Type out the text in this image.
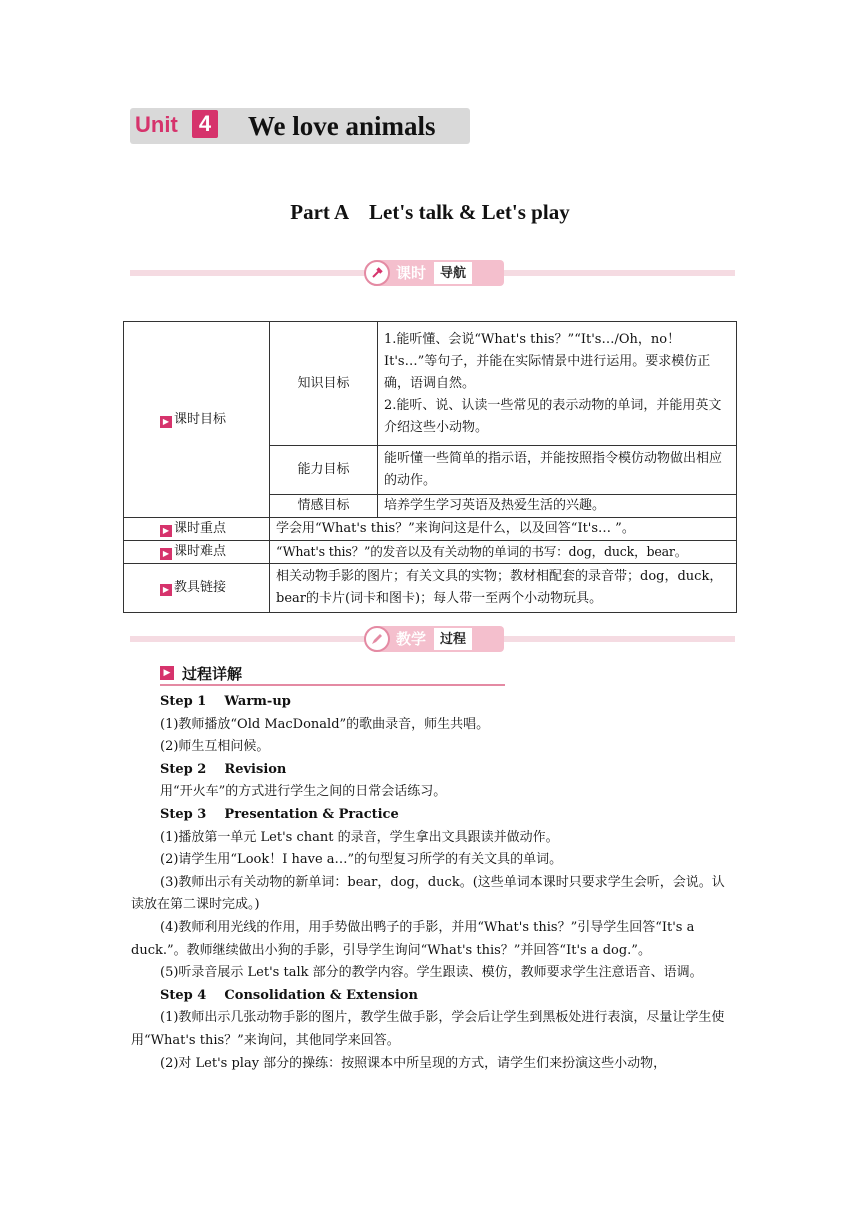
Unit 4 We love animals
Part A    Let's talk & Let's play
课时	导航
▶ 课时目标	知识目标	1.能听懂、会说“What's this？”“It's…/Oh，no！It's…”等句子，并能在实际情景中进行运用。要求模仿正确，语调自然。
2.能听、说、认读一些常见的表示动物的单词，并能用英文介绍这些小动物。

	能力目标	能听懂一些简单的指示语，并能按照指令模仿动物做出相应的动作。
	情感目标	培养学生学习英语及热爱生活的兴趣。
▶ 课时重点	学会用“What's this？”来询问这是什么，以及回答“It's… ”。	
▶ 课时难点	“What's this？”的发音以及有关动物的单词的书写：dog，duck，bear。	
▶ 教具链接	相关动物手影的图片；有关文具的实物；教材相配套的录音带；dog，duck，bear的卡片(词卡和图卡)；每人带一至两个小动物玩具。	
教学	过程
▶ 过程详解

Step 1    Warm-up

(1)教师播放“Old MacDonald”的歌曲录音，师生共唱。

(2)师生互相问候。

Step 2    Revision

用“开火车”的方式进行学生之间的日常会话练习。

Step 3    Presentation & Practice

(1)播放第一单元 Let's chant 的录音，学生拿出文具跟读并做动作。

(2)请学生用“Look！I have a…”的句型复习所学的有关文具的单词。

(3)教师出示有关动物的新单词：bear，dog，duck。(这些单词本课时只要求学生会听，会说。认读放在第二课时完成。)

(4)教师利用光线的作用，用手势做出鸭子的手影，并用“What's this？”引导学生回答“It's a duck.”。教师继续做出小狗的手影，引导学生询问“What's this？”并回答“It's a dog.”。

(5)听录音展示 Let's talk 部分的教学内容。学生跟读、模仿，教师要求学生注意语音、语调。

Step 4    Consolidation & Extension

(1)教师出示几张动物手影的图片，教学生做手影，学会后让学生到黑板处进行表演，尽量让学生使用“What's this？”来询问，其他同学来回答。

(2)对 Let's play 部分的操练：按照课本中所呈现的方式，请学生们来扮演这些小动物，
